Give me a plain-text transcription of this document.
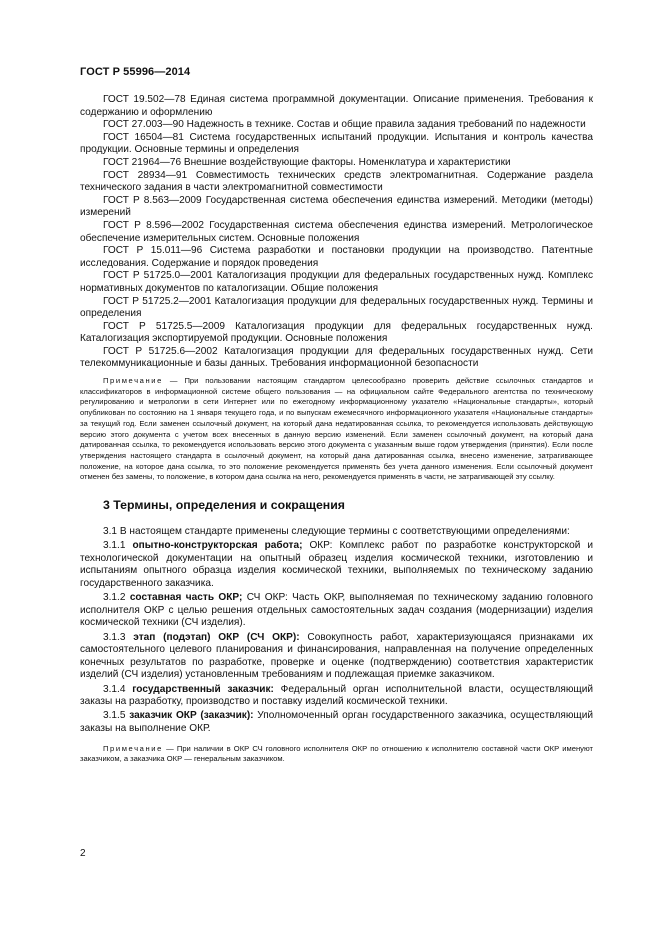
ГОСТ Р 55996—2014

ГОСТ 19.502—78 Единая система программной документации. Описание применения. Требования к содержанию и оформлению

ГОСТ 27.003—90 Надежность в технике. Состав и общие правила задания требований по надежности

ГОСТ 16504—81 Система государственных испытаний продукции. Испытания и контроль качества продукции. Основные термины и определения

ГОСТ 21964—76 Внешние воздействующие факторы. Номенклатура и характеристики

ГОСТ 28934—91 Совместимость технических средств электромагнитная. Содержание раздела технического задания в части электромагнитной совместимости

ГОСТ Р 8.563—2009 Государственная система обеспечения единства измерений. Методики (методы) измерений

ГОСТ Р 8.596—2002 Государственная система обеспечения единства измерений. Метрологическое обеспечение измерительных систем. Основные положения

ГОСТ Р 15.011—96 Система разработки и постановки продукции на производство. Патентные исследования. Содержание и порядок проведения

ГОСТ Р 51725.0—2001 Каталогизация продукции для федеральных государственных нужд. Комплекс нормативных документов по каталогизации. Общие положения

ГОСТ Р 51725.2—2001 Каталогизация продукции для федеральных государственных нужд. Термины и определения

ГОСТ Р 51725.5—2009 Каталогизация продукции для федеральных государственных нужд. Каталогизация экспортируемой продукции. Основные положения

ГОСТ Р 51725.6—2002 Каталогизация продукции для федеральных государственных нужд. Сети телекоммуникационные и базы данных. Требования информационной безопасности

Примечание — При пользовании настоящим стандартом целесообразно проверить действие ссылочных стандартов и классификаторов в информационной системе общего пользования — на официальном сайте Федерального агентства по техническому регулированию и метрологии в сети Интернет или по ежегодному информационному указателю «Национальные стандарты», который опубликован по состоянию на 1 января текущего года, и по выпускам ежемесячного информационного указателя «Национальные стандарты» за текущий год. Если заменен ссылочный документ, на который дана недатированная ссылка, то рекомендуется использовать действующую версию этого документа с учетом всех внесенных в данную версию изменений. Если заменен ссылочный документ, на который дана датированная ссылка, то рекомендуется использовать версию этого документа с указанным выше годом утверждения (принятия). Если после утверждения настоящего стандарта в ссылочный документ, на который дана датированная ссылка, внесено изменение, затрагивающее положение, на которое дана ссылка, то это положение рекомендуется применять без учета данного изменения. Если ссылочный документ отменен без замены, то положение, в котором дана ссылка на него, рекомендуется применять в части, не затрагивающей эту ссылку.

3 Термины, определения и сокращения

3.1 В настоящем стандарте применены следующие термины с соответствующими определениями:

3.1.1 опытно-конструкторская работа; ОКР: Комплекс работ по разработке конструкторской и технологической документации на опытный образец изделия космической техники, изготовлению и испытаниям опытного образца изделия космической техники, выполняемых по техническому заданию государственного заказчика.

3.1.2 составная часть ОКР; СЧ ОКР: Часть ОКР, выполняемая по техническому заданию головного исполнителя ОКР с целью решения отдельных самостоятельных задач создания (модернизации) изделия космической техники (СЧ изделия).

3.1.3 этап (подэтап) ОКР (СЧ ОКР): Совокупность работ, характеризующаяся признаками их самостоятельного целевого планирования и финансирования, направленная на получение определенных конечных результатов по разработке, проверке и оценке (подтверждению) соответствия характеристик изделий (СЧ изделия) установленным требованиям и подлежащая приемке заказчиком.

3.1.4 государственный заказчик: Федеральный орган исполнительной власти, осуществляющий заказы на разработку, производство и поставку изделий космической техники.

3.1.5 заказчик ОКР (заказчик): Уполномоченный орган государственного заказчика, осуществляющий заказы на выполнение ОКР.

Примечание — При наличии в ОКР СЧ головного исполнителя ОКР по отношению к исполнителю составной части ОКР именуют заказчиком, а заказчика ОКР — генеральным заказчиком.

2
